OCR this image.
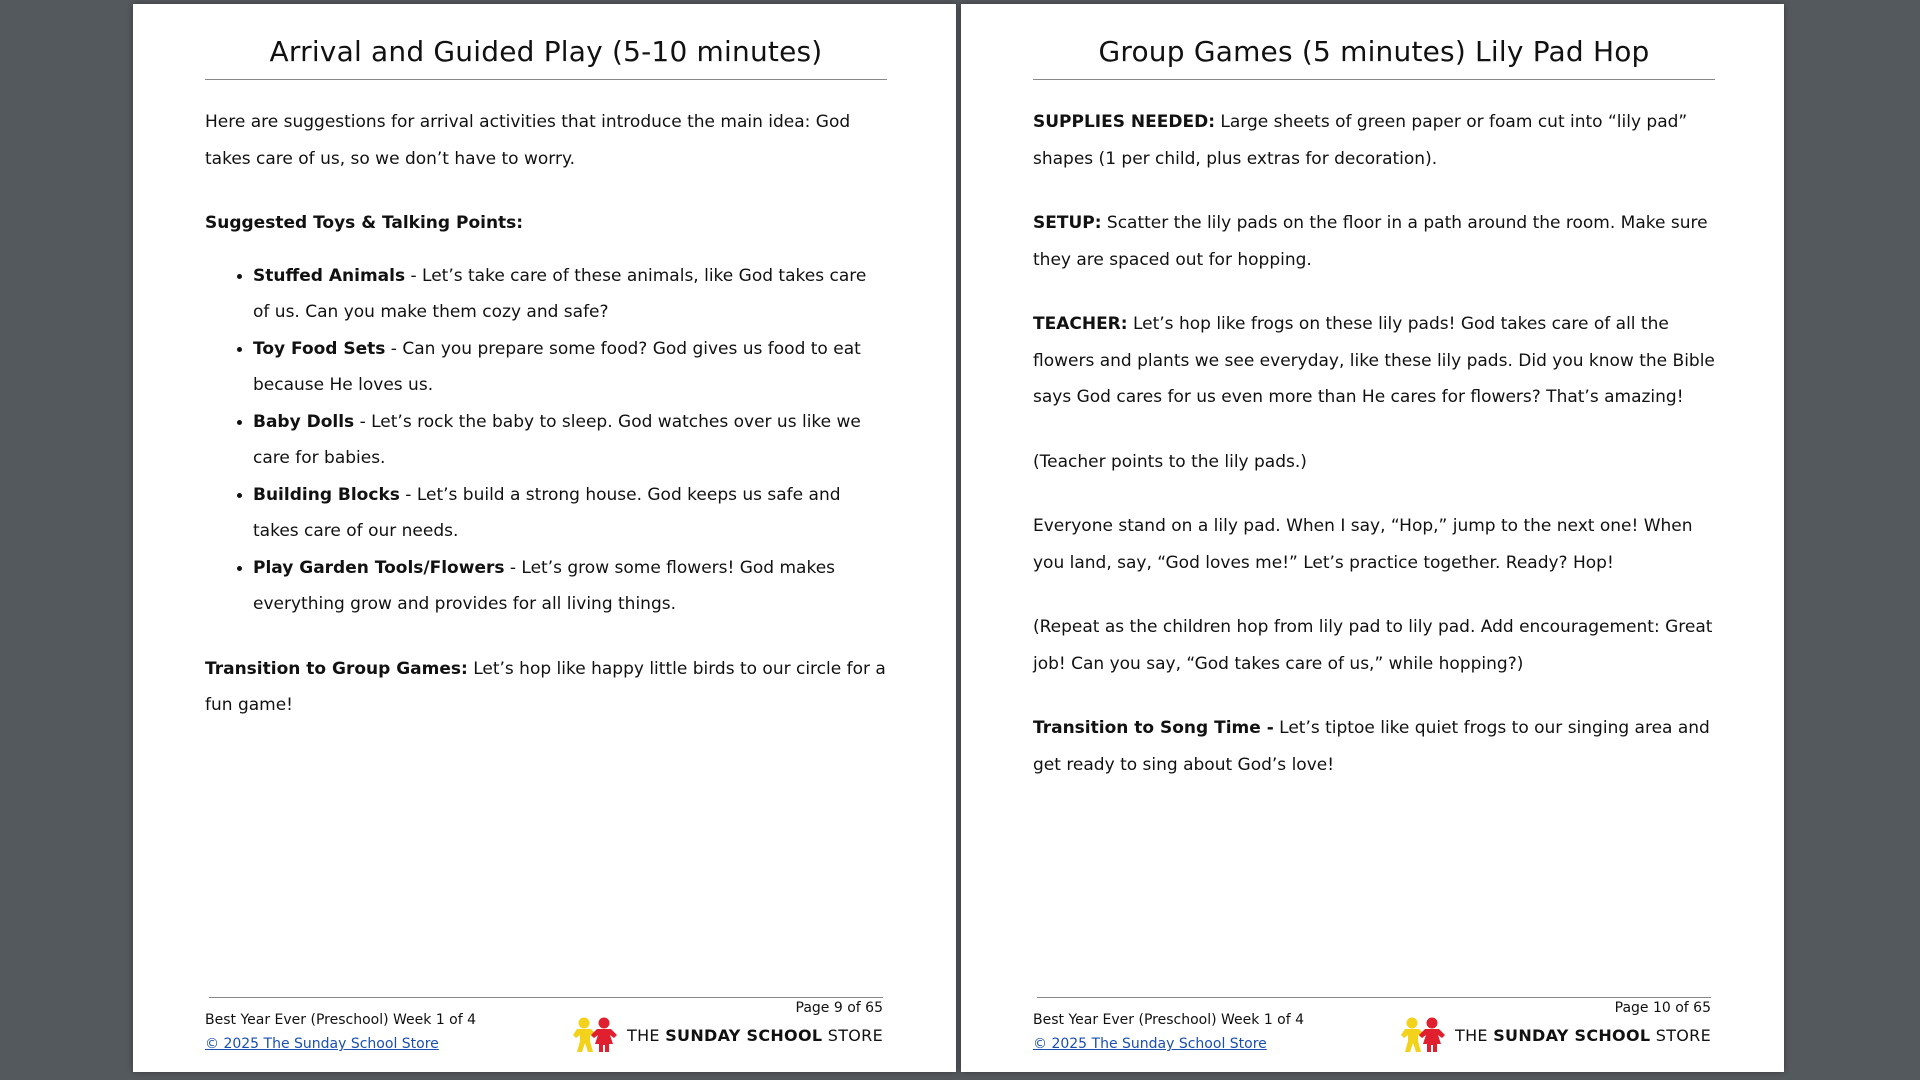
Arrival and Guided Play (5-10 minutes)

Here are suggestions for arrival activities that introduce the main idea: God takes care of us, so we don’t have to worry.

Suggested Toys & Talking Points:

• Stuffed Animals - Let’s take care of these animals, like God takes care of us. Can you make them cozy and safe?
• Toy Food Sets - Can you prepare some food? God gives us food to eat because He loves us.
• Baby Dolls - Let’s rock the baby to sleep. God watches over us like we care for babies.
• Building Blocks - Let’s build a strong house. God keeps us safe and takes care of our needs.
• Play Garden Tools/Flowers - Let’s grow some flowers! God makes everything grow and provides for all living things.

Transition to Group Games: Let’s hop like happy little birds to our circle for a fun game!

Page 9 of 65
Best Year Ever (Preschool) Week 1 of 4
© 2025 The Sunday School Store	THE SUNDAY SCHOOL STORE
Group Games (5 minutes) Lily Pad Hop

SUPPLIES NEEDED: Large sheets of green paper or foam cut into “lily pad” shapes (1 per child, plus extras for decoration).

SETUP: Scatter the lily pads on the floor in a path around the room. Make sure they are spaced out for hopping.

TEACHER: Let’s hop like frogs on these lily pads! God takes care of all the flowers and plants we see everyday, like these lily pads. Did you know the Bible says God cares for us even more than He cares for flowers? That’s amazing!

(Teacher points to the lily pads.)

Everyone stand on a lily pad. When I say, “Hop,” jump to the next one! When you land, say, “God loves me!” Let’s practice together. Ready? Hop!

(Repeat as the children hop from lily pad to lily pad. Add encouragement: Great job! Can you say, “God takes care of us,” while hopping?)

Transition to Song Time - Let’s tiptoe like quiet frogs to our singing area and get ready to sing about God’s love!

Page 10 of 65
Best Year Ever (Preschool) Week 1 of 4
© 2025 The Sunday School Store	THE SUNDAY SCHOOL STORE
